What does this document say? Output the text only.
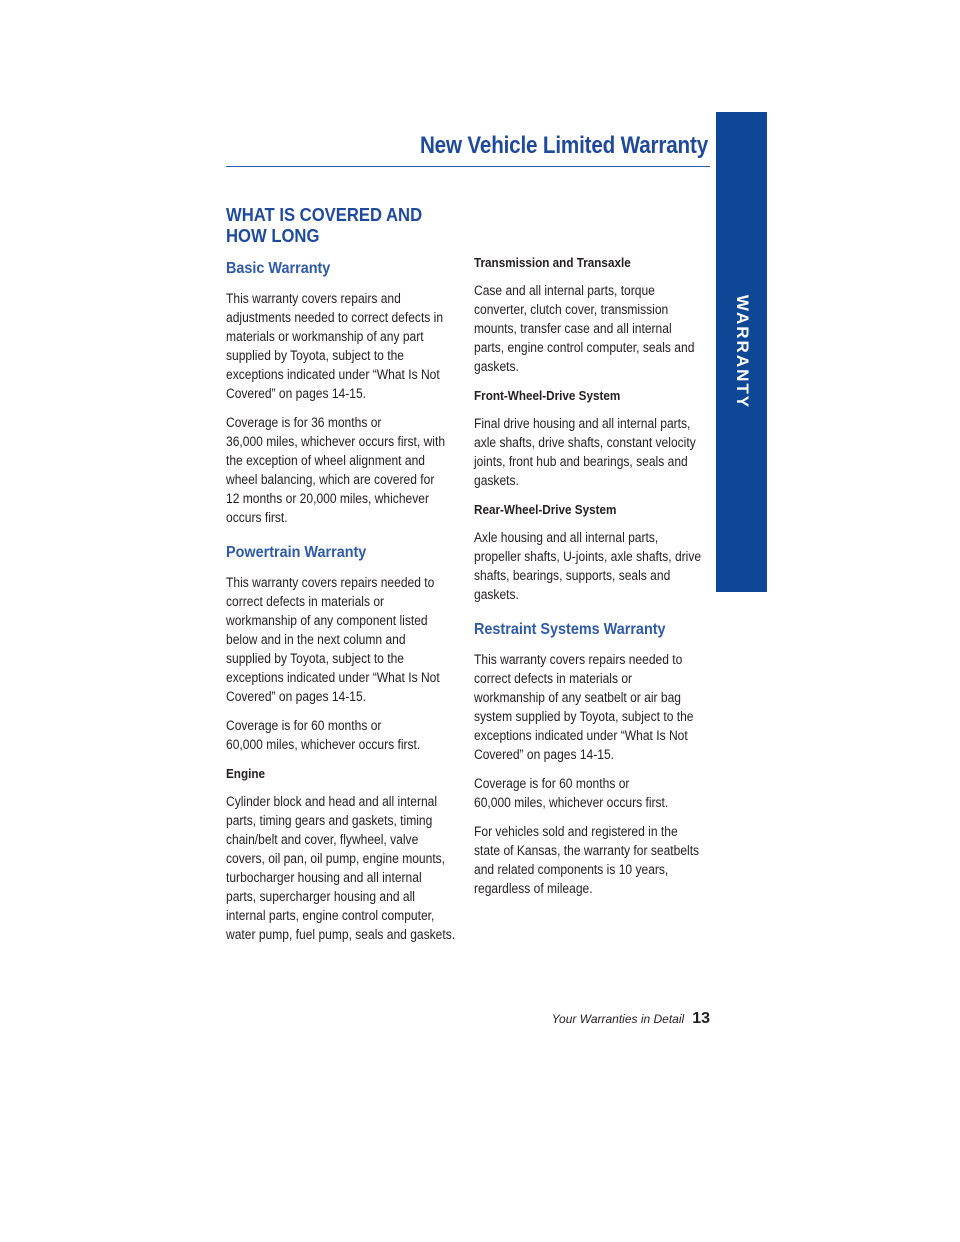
New Vehicle Limited Warranty
WARRANTY
WHAT IS COVERED AND
HOW LONG
Basic Warranty

This warranty covers repairs and
adjustments needed to correct defects in
materials or workmanship of any part
supplied by Toyota, subject to the
exceptions indicated under “What Is Not
Covered” on pages 14-15.

Coverage is for 36 months or
36,000 miles, whichever occurs first, with
the exception of wheel alignment and
wheel balancing, which are covered for
12 months or 20,000 miles, whichever
occurs first.

Powertrain Warranty

This warranty covers repairs needed to
correct defects in materials or
workmanship of any component listed
below and in the next column and
supplied by Toyota, subject to the
exceptions indicated under “What Is Not
Covered” on pages 14-15.

Coverage is for 60 months or
60,000 miles, whichever occurs first.

Engine

Cylinder block and head and all internal
parts, timing gears and gaskets, timing
chain/belt and cover, flywheel, valve
covers, oil pan, oil pump, engine mounts,
turbocharger housing and all internal
parts, supercharger housing and all
internal parts, engine control computer,
water pump, fuel pump, seals and gaskets.

Transmission and Transaxle

Case and all internal parts, torque
converter, clutch cover, transmission
mounts, transfer case and all internal
parts, engine control computer, seals and
gaskets.

Front-Wheel-Drive System

Final drive housing and all internal parts,
axle shafts, drive shafts, constant velocity
joints, front hub and bearings, seals and
gaskets.

Rear-Wheel-Drive System

Axle housing and all internal parts,
propeller shafts, U-joints, axle shafts, drive
shafts, bearings, supports, seals and
gaskets.

Restraint Systems Warranty

This warranty covers repairs needed to
correct defects in materials or
workmanship of any seatbelt or air bag
system supplied by Toyota, subject to the
exceptions indicated under “What Is Not
Covered” on pages 14-15.

Coverage is for 60 months or
60,000 miles, whichever occurs first.

For vehicles sold and registered in the
state of Kansas, the warranty for seatbelts
and related components is 10 years,
regardless of mileage.

Your Warranties in Detail 13
